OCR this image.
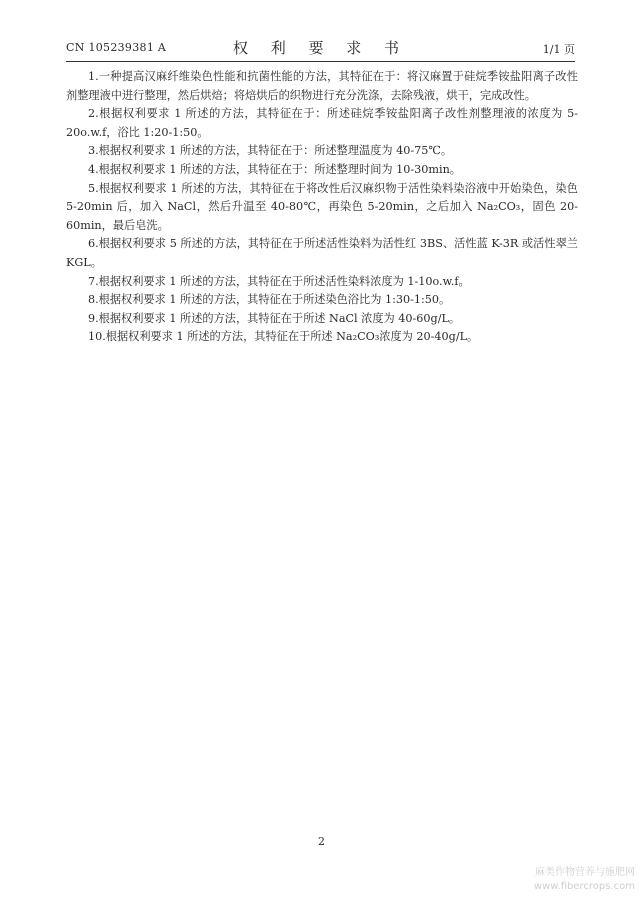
CN 105239381 A	权 利 要 求 书	1/1 页

1.一种提高汉麻纤维染色性能和抗菌性能的方法，其特征在于：将汉麻置于硅烷季铵盐阳离子改性剂整理液中进行整理，然后烘焙；将焙烘后的织物进行充分洗涤，去除残液，烘干，完成改性。

2.根据权利要求 1 所述的方法，其特征在于：所述硅烷季铵盐阳离子改性剂整理液的浓度为 5-20o.w.f，浴比 1:20-1:50。

3.根据权利要求 1 所述的方法，其特征在于：所述整理温度为 40-75℃。

4.根据权利要求 1 所述的方法，其特征在于：所述整理时间为 10-30min。

5.根据权利要求 1 所述的方法，其特征在于将改性后汉麻织物于活性染料染浴液中开始染色，染色 5-20min 后，加入 NaCl，然后升温至 40-80℃，再染色 5-20min，之后加入 Na₂CO₃，固色 20-60min，最后皂洗。

6.根据权利要求 5 所述的方法，其特征在于所述活性染料为活性红 3BS、活性蓝 K-3R 或活性翠兰 KGL。

7.根据权利要求 1 所述的方法，其特征在于所述活性染料浓度为 1-10o.w.f。

8.根据权利要求 1 所述的方法，其特征在于所述染色浴比为 1:30-1:50。

9.根据权利要求 1 所述的方法，其特征在于所述 NaCl 浓度为 40-60g/L。

10.根据权利要求 1 所述的方法，其特征在于所述 Na₂CO₃浓度为 20-40g/L。

2
麻类作物营养与施肥网
www.fibercrops.com
